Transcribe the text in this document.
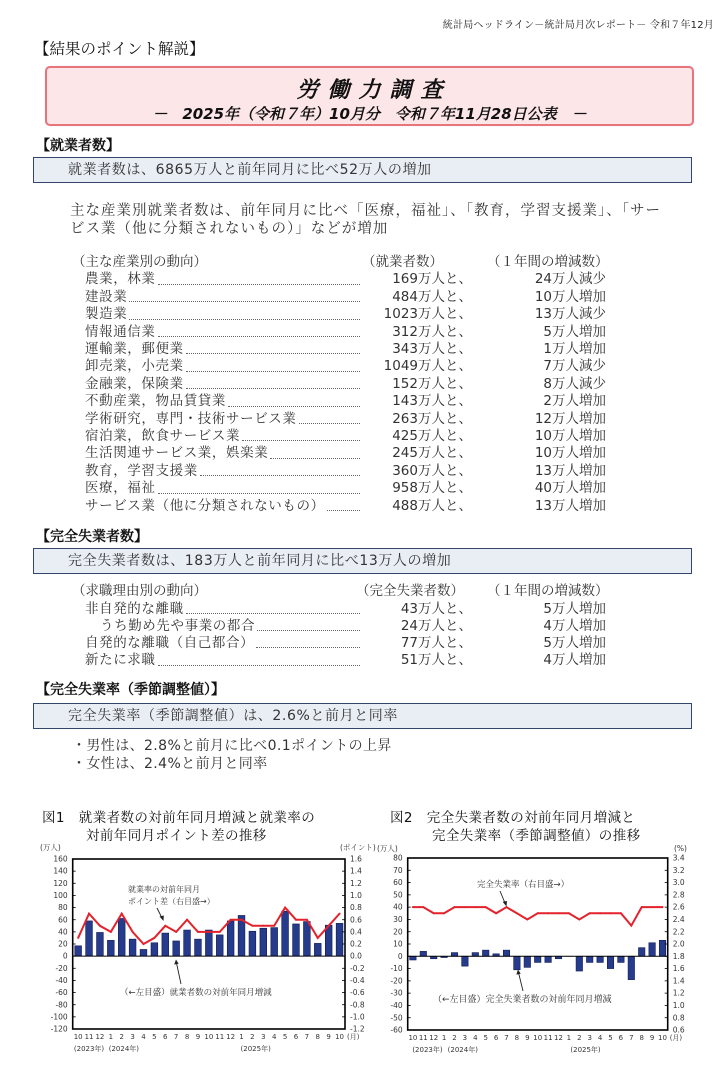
統計局ヘッドライン－統計局月次レポート－ 令和７年12月
【結果のポイント解説】
労働力調査
－　2025年（令和７年）10月分　令和７年11月28日公表　－
【就業者数】
就業者数は、6865万人と前年同月に比べ52万人の増加
主な産業別就業者数は、前年同月に比べ「医療，福祉」、「教育，学習支援業」、「サー
ビス業（他に分類されないもの）」などが増加
（主な産業別の動向）	（就業者数）	（１年間の増減数）
農業，林業	169万人と、	24万人減少
建設業	484万人と、	10万人増加
製造業	1023万人と、	13万人減少
情報通信業	312万人と、	5万人増加
運輸業，郵便業	343万人と、	1万人増加
卸売業，小売業	1049万人と、	7万人減少
金融業，保険業	152万人と、	8万人減少
不動産業，物品賃貸業	143万人と、	2万人増加
学術研究，専門・技術サービス業	263万人と、	12万人増加
宿泊業，飲食サービス業	425万人と、	10万人増加
生活関連サービス業，娯楽業	245万人と、	10万人増加
教育，学習支援業	360万人と、	13万人増加
医療，福祉	958万人と、	40万人増加
サービス業（他に分類されないもの）	488万人と、	13万人増加
【完全失業者数】
完全失業者数は、183万人と前年同月に比べ13万人の増加
（求職理由別の動向）	（完全失業者数） （１年間の増減数）
非自発的な離職	43万人と、	5万人増加
うち勤め先や事業の都合	24万人と、	4万人増加
自発的な離職（自己都合）	77万人と、	5万人増加
新たに求職	51万人と、	4万人増加
【完全失業率（季節調整値）】
完全失業率（季節調整値）は、2.6%と前月と同率
・男性は、2.8%と前月に比べ0.1ポイントの上昇
・女性は、2.4%と前月と同率
図1　就業者数の対前年同月増減と就業率の
対前年同月ポイント差の推移
図2　完全失業者数の対前年同月増減と
完全失業率（季節調整値）の推移
160
140
120
100
80
60
40
20
0
-20
-40
-60
-80
-100
-120
1.6
1.4
1.2
1.0
0.8
0.6
0.4
0.2
0.0
-0.2
-0.4
-0.6
-0.8
-1.0
-1.2
10 11 12 1 2 3 4 5 6 7 8 9 10 11 12 1 2 3 4 5 6 7 8 9 10 (月)
(2023年) (2024年)	(2025年)
(万人)	(ポイント)
就業率の対前年同月
ポイント差（右目盛→）
（←左目盛）就業者数の対前年同月増減
80
70
60
50
40
30
20
10
0
-10
-20
-30
-40
-50
-60
3.4
3.2
3.0
2.8
2.6
2.4
2.2
2.0
1.8
1.6
1.4
1.2
1.0
0.8
0.6
10 11 12 1 2 3 4 5 6 7 8 9 10 11 12 1 2 3 4 5 6 7 8 9 10 (月)
(2023年) (2024年)	(2025年)
(万人)	(%)
完全失業率（右目盛→）
（←左目盛）完全失業者数の対前年同月増減
